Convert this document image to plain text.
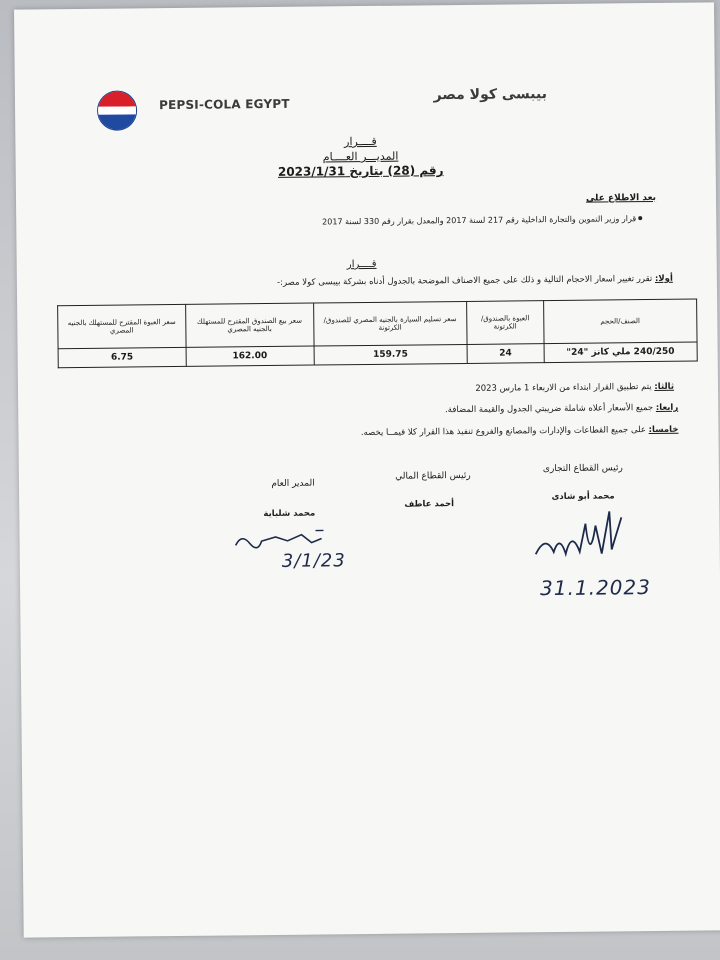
PEPSI-COLA EGYPT
بيبسى كولا مصر
قــــرار
المديـــر العــــام
رقم (28) بتاريخ 2023/1/31
بعد الاطلاع على
قرار وزير التموين والتجارة الداخلية رقم 217 لسنة 2017 والمعدل بقرار رقم 330 لسنة 2017
قــــرار
أولا: تقرر تغيير اسعار الاحجام التالية و ذلك على جميع الاصناف الموضحة بالجدول أدناه بشركة بيبسى كولا مصر:-
الصنف/الحجم	العبوة بالصندوق/الكرتونة	سعر تسليم السيارة بالجنيه المصري للصندوق/الكرتونة	سعر بيع الصندوق المقترح للمستهلك بالجنيه المصري	سعر العبوة المقترح للمستهلك بالجنيه المصري
240/250 ملي كانز "24"	24	159.75	162.00	6.75
ثالثا: يتم تطبيق القرار ابتداء من الاربعاء 1 مارس 2023
رابعا: جميع الأسعار أعلاه شاملة ضريبتي الجدول والقيمة المضافة.
خامسا: على جميع القطاعات والإدارات والمصانع والفروع تنفيذ هذا القرار كلا فيمــا يخصه.
رئيس القطاع التجارى
محمد أبو شادى
رئيس القطاع المالي
أحمد عاطف
المدير العام
محمد شلباية
3/1/23
31.1.2023
